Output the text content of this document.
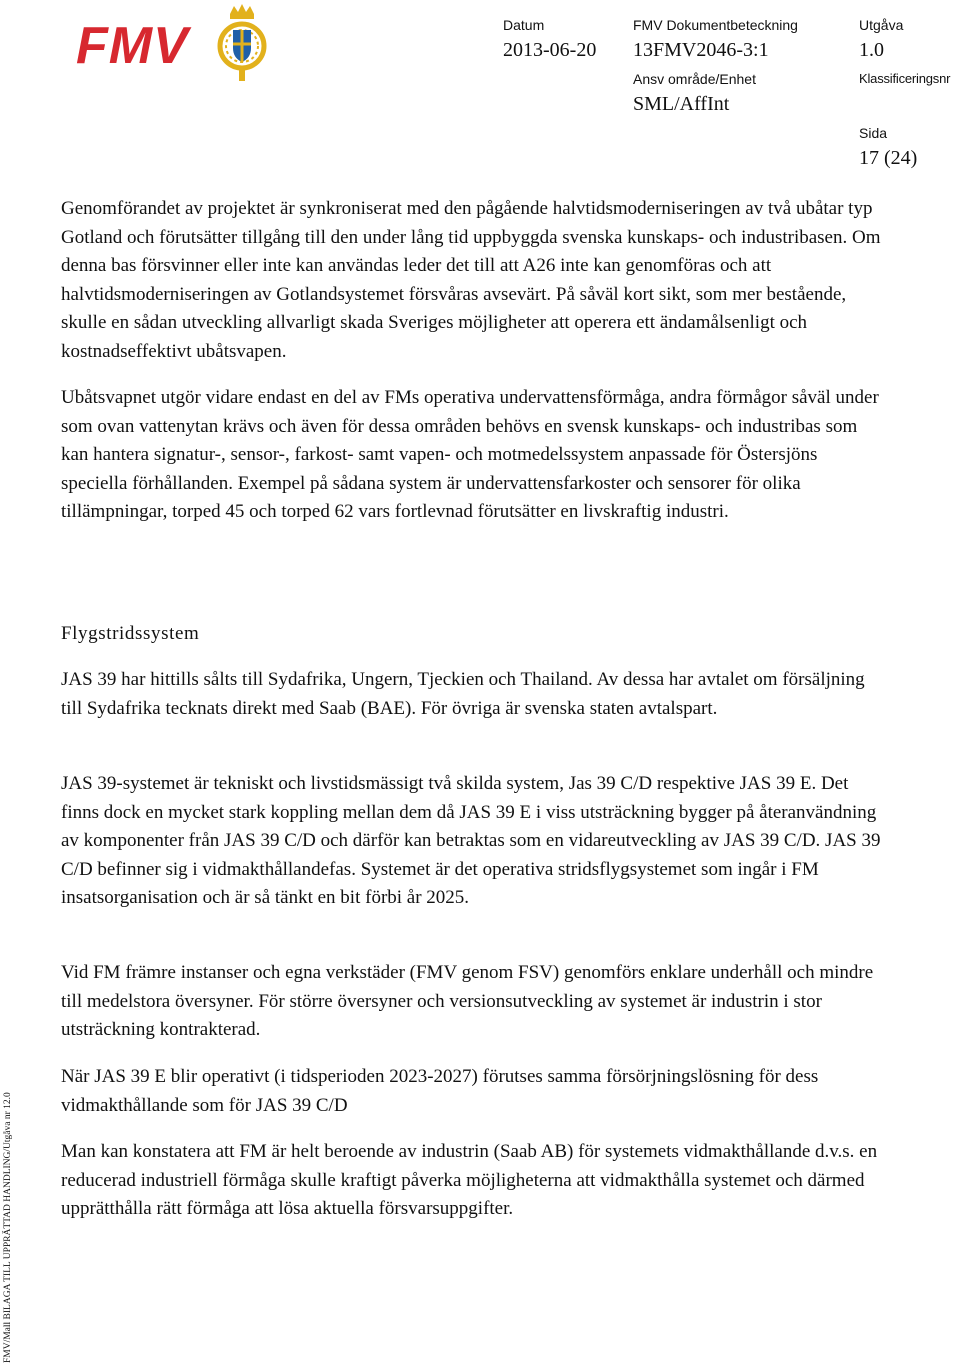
FMV	Datum
2013-06-20
FMV Dokumentbeteckning
13FMV2046-3:1
Utgåva
1.0
Ansv område/Enhet
SML/AffInt
Klassificeringsnr
Sida
17 (24)

Genomförandet av projektet är synkroniserat med den pågående halvtidsmoderniseringen av två ubåtar typ Gotland och förutsätter tillgång till den under lång tid uppbyggda svenska kunskaps- och industribasen. Om denna bas försvinner eller inte kan användas leder det till att A26 inte kan genomföras och att halvtidsmoderniseringen av Gotlandsystemet försvåras avsevärt. På såväl kort sikt, som mer bestående, skulle en sådan utveckling allvarligt skada Sveriges möjligheter att operera ett ändamålsenligt och kostnadseffektivt ubåtsvapen.

Ubåtsvapnet utgör vidare endast en del av FMs operativa undervattensförmåga, andra förmågor såväl under som ovan vattenytan krävs och även för dessa områden behövs en svensk kunskaps- och industribas som kan hantera signatur-, sensor-, farkost- samt vapen- och motmedelssystem anpassade för Östersjöns speciella förhållanden. Exempel på sådana system är undervattensfarkoster och sensorer för olika tillämpningar, torped 45 och torped 62 vars fortlevnad förutsätter en livskraftig industri.

Flygstridssystem

JAS 39 har hittills sålts till Sydafrika, Ungern, Tjeckien och Thailand. Av dessa har avtalet om försäljning till Sydafrika tecknats direkt med Saab (BAE). För övriga är svenska staten avtalspart.

JAS 39-systemet är tekniskt och livstidsmässigt två skilda system, Jas 39 C/D respektive JAS 39 E. Det finns dock en mycket stark koppling mellan dem då JAS 39 E i viss utsträckning bygger på återanvändning av komponenter från JAS 39 C/D och därför kan betraktas som en vidareutveckling av JAS 39 C/D. JAS 39 C/D befinner sig i vidmakthållandefas. Systemet är det operativa stridsflygsystemet som ingår i FM insatsorganisation och är så tänkt en bit förbi år 2025.

Vid FM främre instanser och egna verkstäder (FMV genom FSV) genomförs enklare underhåll och mindre till medelstora översyner. För större översyner och versionsutveckling av systemet är industrin i stor utsträckning kontrakterad.

När JAS 39 E blir operativt (i tidsperioden 2023-2027) förutses samma försörjningslösning för dess vidmakthållande som för JAS 39 C/D

Man kan konstatera att FM är helt beroende av industrin (Saab AB) för systemets vidmakthållande d.v.s. en reducerad industriell förmåga skulle kraftigt påverka möjligheterna att vidmakthålla systemet och därmed upprätthålla rätt förmåga att lösa aktuella försvarsuppgifter.

FMV/Mall BILAGA TILL UPPRÄTTAD HANDLING/Utgåva nr 12.0
